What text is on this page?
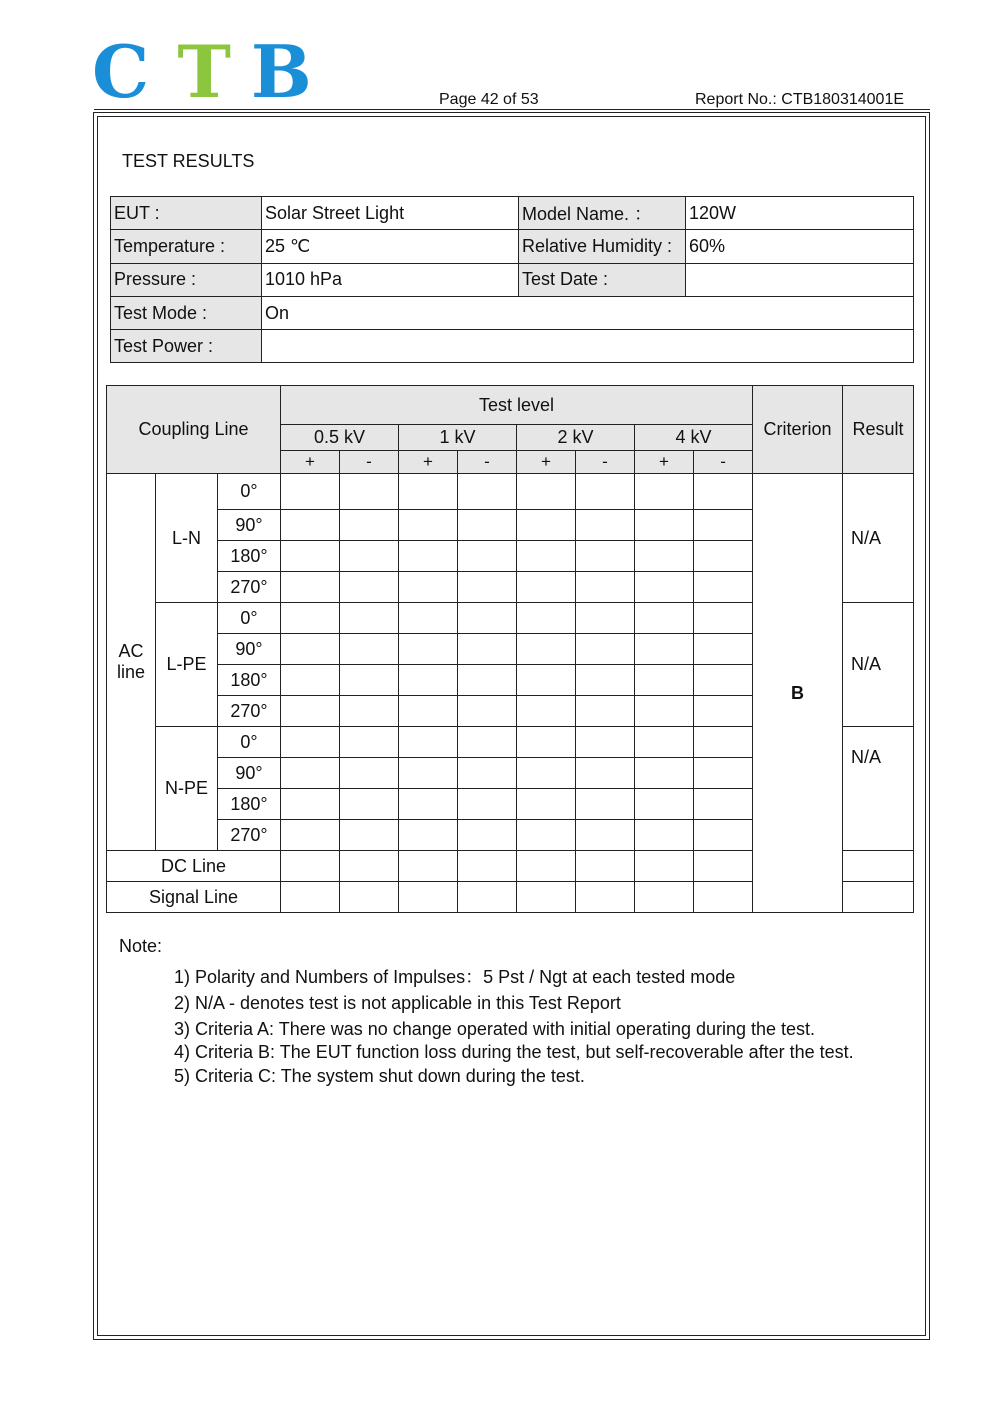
C T B	Page 42 of 53	Report No.: CTB180314001E
TEST RESULTS
EUT :	Solar Street Light	Model Name. ：	120W
Temperature :	25 ℃	Relative Humidity :	60%
Pressure :	1010 hPa	Test Date :	
Test Mode :	On		
Test Power :			
Coupling Line			Test level								Criterion	Result
			0.5 kV		1 kV		2 kV		4 kV			
			+	-	+	-	+	-	+	-		
AC line	L-N	0°									B	N/A
		90°										
		180°										
		270°										
	L-PE	0°										N/A
		90°										
		180°										
		270°										
	N-PE	0°										N/A
		90°										
		180°										
		270°										
DC Line												
Signal Line												
Note:
1) Polarity and Numbers of Impulses：5 Pst / Ngt at each tested mode
2) N/A - denotes test is not applicable in this Test Report
3) Criteria A: There was no change operated with initial operating during the test.
4) Criteria B: The EUT function loss during the test, but self-recoverable after the test.
5) Criteria C: The system shut down during the test.
